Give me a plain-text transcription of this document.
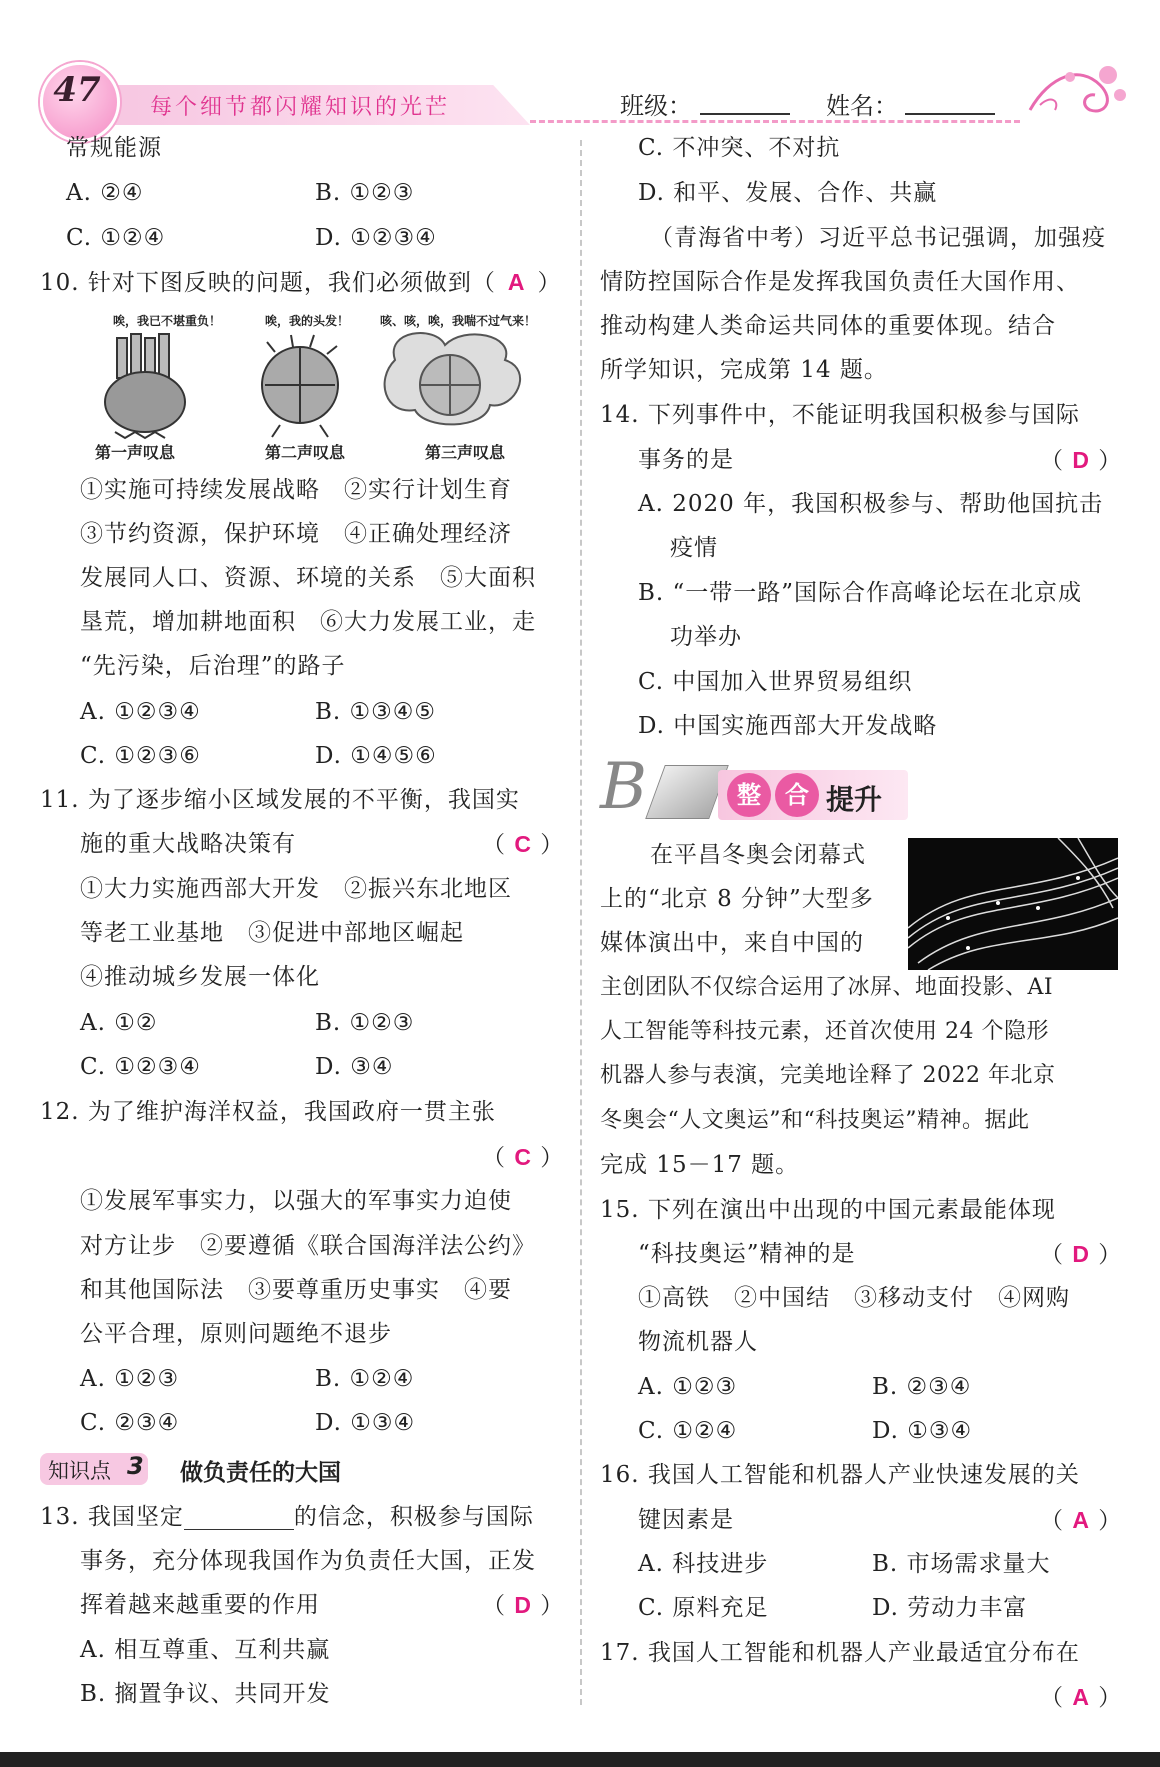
每个细节都闪耀知识的光芒
47	班级：	姓名：
常规能源
A. ②④	B. ①②③
C. ①②④	D. ①②③④
10. 针对下图反映的问题，我们必须做到（ A ）
唉，我已不堪重负！	唉，我的头发！	咳、咳，唉，我喘不过气来！
第一声叹息	第二声叹息	第三声叹息
①实施可持续发展战略　②实行计划生育
③节约资源，保护环境　④正确处理经济
发展同人口、资源、环境的关系　⑤大面积
垦荒，增加耕地面积　⑥大力发展工业，走
“先污染，后治理”的路子
A. ①②③④	B. ①③④⑤
C. ①②③⑥	D. ①④⑤⑥
11. 为了逐步缩小区域发展的不平衡，我国实
施的重大战略决策有	（ C ）
①大力实施西部大开发　②振兴东北地区
等老工业基地　③促进中部地区崛起
④推动城乡发展一体化
A. ①②	B. ①②③
C. ①②③④	D. ③④
12. 为了维护海洋权益，我国政府一贯主张
（ C ）
①发展军事实力，以强大的军事实力迫使
对方让步　②要遵循《联合国海洋法公约》
和其他国际法　③要尊重历史事实　④要
公平合理，原则问题绝不退步
A. ①②③	B. ①②④
C. ②③④	D. ①③④
知识点 3 做负责任的大国
13. 我国坚定	的信念，积极参与国际
事务，充分体现我国作为负责任大国，正发
挥着越来越重要的作用	（ D ）
A. 相互尊重、互利共赢
B. 搁置争议、共同开发
C. 不冲突、不对抗
D. 和平、发展、合作、共赢
（青海省中考）习近平总书记强调，加强疫
情防控国际合作是发挥我国负责任大国作用、
推动构建人类命运共同体的重要体现。结合
所学知识，完成第 14 题。
14. 下列事件中，不能证明我国积极参与国际
事务的是	（ D ）
A. 2020 年，我国积极参与、帮助他国抗击
疫情
B. “一带一路”国际合作高峰论坛在北京成
功举办
C. 中国加入世界贸易组织
D. 中国实施西部大开发战略
B	整	合 提升
在平昌冬奥会闭幕式
上的“北京 8 分钟”大型多
媒体演出中，来自中国的
主创团队不仅综合运用了冰屏、地面投影、AI
人工智能等科技元素，还首次使用 24 个隐形
机器人参与表演，完美地诠释了 2022 年北京
冬奥会“人文奥运”和“科技奥运”精神。据此
完成 15－17 题。
15. 下列在演出中出现的中国元素最能体现
“科技奥运”精神的是	（ D ）
①高铁　②中国结　③移动支付　④网购
物流机器人
A. ①②③	B. ②③④
C. ①②④	D. ①③④
16. 我国人工智能和机器人产业快速发展的关
键因素是	（ A ）
A. 科技进步	B. 市场需求量大
C. 原料充足	D. 劳动力丰富
17. 我国人工智能和机器人产业最适宜分布在
（ A ）
